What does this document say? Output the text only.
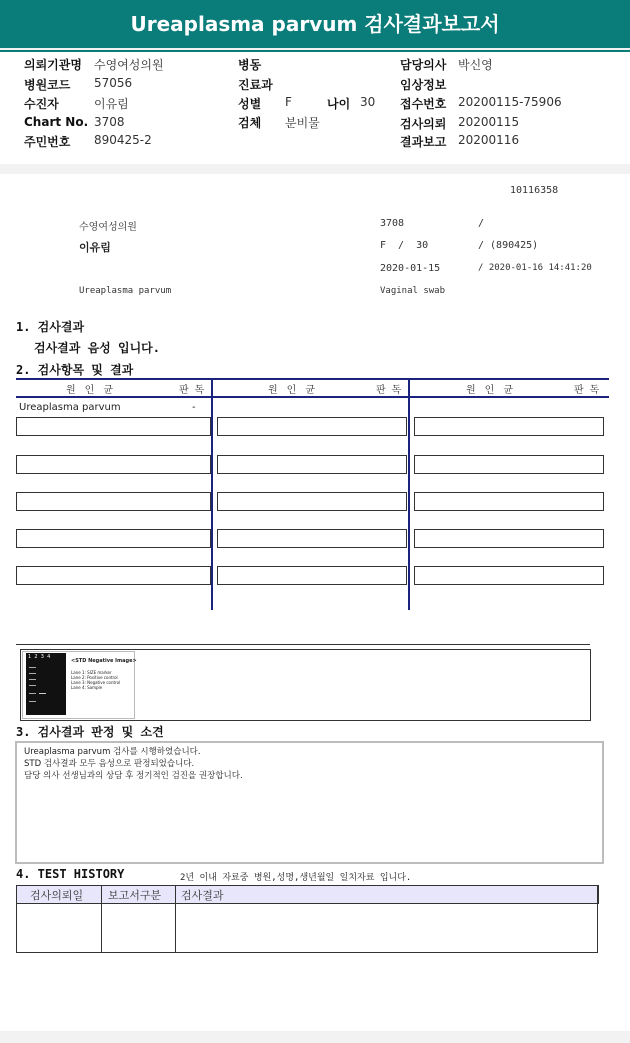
Ureaplasma parvum 검사결과보고서
의뢰기관명 수영여성의원
병원코드 57056
수진자	이유림
Chart No. 3708
주민번호 890425-2
병동
진료과
성별 F	나이 30
검체 분비물
담당의사 박신영
임상정보
접수번호 20200115-75906
검사의뢰 20200115
결과보고 20200116
10116358
수영여성의원	3708	/
이유림	F  /  30	/ (890425)
2020-01-15	/ 2020-01-16 14:41:20
Ureaplasma parvum	Vaginal swab
1. 검사결과
검사결과 음성 입니다.
2. 검사항목 및 결과
원인균	판독	원인균	판독	원인균	판독
Ureaplasma parvum	-
1  2  3  4
<STD Negative Image>
Lane 1: SIZE marker
Lane 2: Positive control
Lane 3: Negative control
Lane 4: Sample
3. 검사결과 판정 및 소견
Ureaplasma parvum 검사를 시행하였습니다.
STD 검사결과 모두 음성으로 판정되었습니다.
담당 의사 선생님과의 상담 후 정기적인 검진을 권장합니다.
4. TEST HISTORY	2년 이내 자료중 병원,성명,생년월일 일치자료 입니다.
검사의뢰일 보고서구분 검사결과
